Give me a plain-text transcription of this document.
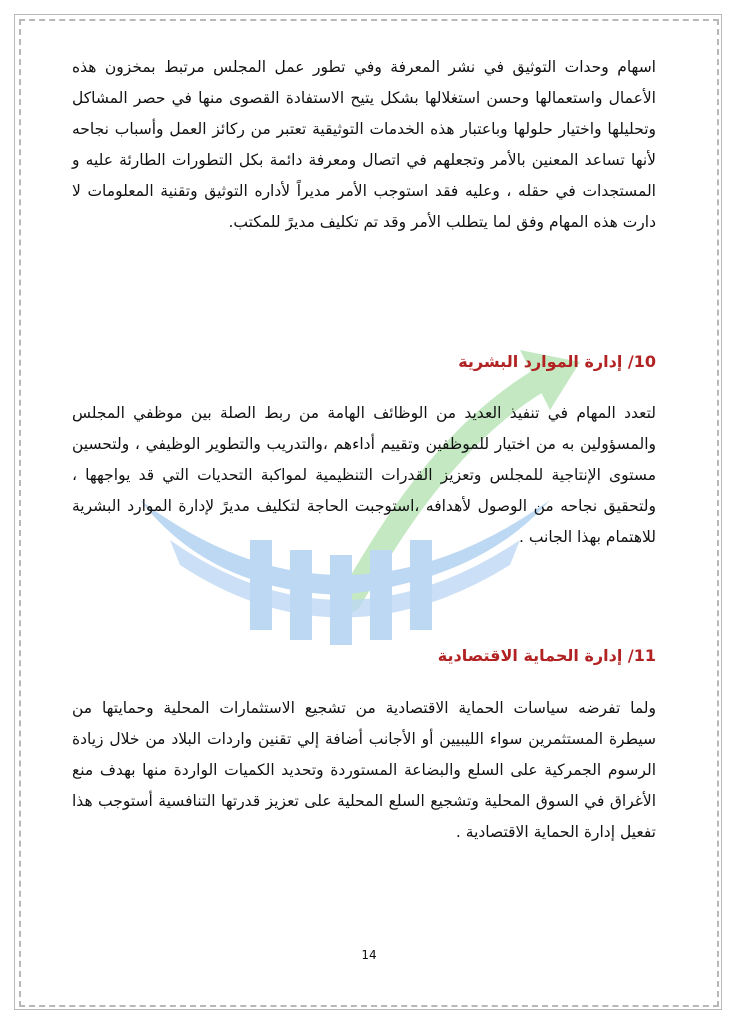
اسهام وحدات التوثيق في نشر المعرفة وفي تطور عمل المجلس مرتبط بمخزون هذه الأعمال واستعمالها وحسن استغلالها بشكل يتيح الاستفادة القصوى منها في حصر المشاكل وتحليلها واختيار حلولها وباعتبار هذه الخدمات التوثيقية تعتبر من ركائز العمل وأسباب نجاحه لأنها تساعد المعنين بالأمر وتجعلهم في اتصال ومعرفة دائمة بكل التطورات الطارئة عليه و المستجدات في حقله ، وعليه فقد استوجب الأمر مديراً لأداره التوثيق وتقنية المعلومات لا دارت هذه المهام وفق لما يتطلب الأمر وقد تم تكليف مديرً للمكتب.

10/ إدارة الموارد البشرية

لتعدد المهام في تنفيذ العديد من الوظائف الهامة من ربط الصلة بين موظفي المجلس والمسؤولين به من اختيار للموظفين وتقييم أداءهم ،والتدريب والتطوير الوظيفي ، ولتحسين مستوى الإنتاجية للمجلس وتعزيز القدرات التنظيمية لمواكبة التحديات التي قد يواجهها ، ولتحقيق نجاحه من الوصول لأهدافه ،استوجبت الحاجة لتكليف مديرً لإدارة الموارد البشرية للاهتمام بهذا الجانب .

11/ إدارة الحماية الاقتصادية

ولما تفرضه سياسات الحماية الاقتصادية من تشجيع الاستثمارات المحلية وحمايتها من سيطرة المستثمرين سواء الليبيين أو الأجانب أضافة إلي تقنين واردات البلاد من خلال زيادة الرسوم الجمركية على السلع والبضاعة المستوردة وتحديد الكميات الواردة منها بهدف منع الأغراق في السوق المحلية وتشجيع السلع المحلية على تعزيز قدرتها التنافسية أستوجب هذا تفعيل إدارة الحماية الاقتصادية .

14
